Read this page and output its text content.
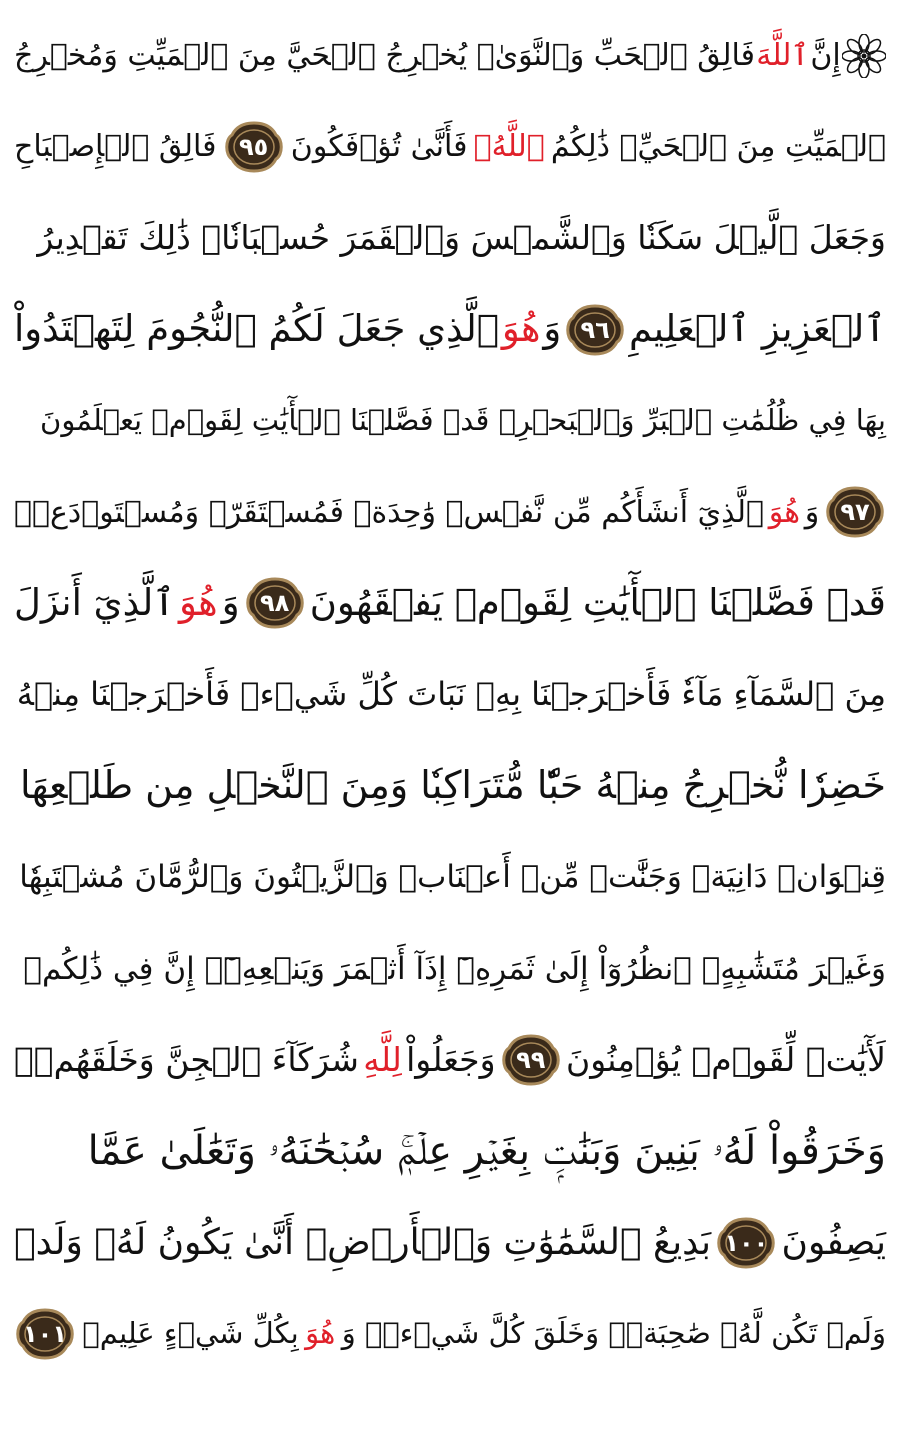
إِنَّ
ٱللَّهَ
فَالِقُ ٱلۡحَبِّ وَٱلنَّوَىٰۖ يُخۡرِجُ ٱلۡحَيَّ مِنَ ٱلۡمَيِّتِ وَمُخۡرِجُ
ٱلۡمَيِّتِ مِنَ ٱلۡحَيِّۚ ذَٰلِكُمُ
ٱللَّهُۖ
فَأَنَّىٰ تُؤۡفَكُونَ
٩٥
فَالِقُ ٱلۡإِصۡبَاحِ
وَجَعَلَ ٱلَّيۡلَ سَكَنٗا وَٱلشَّمۡسَ وَٱلۡقَمَرَ حُسۡبَانٗاۚ ذَٰلِكَ تَقۡدِيرُ
ٱلۡعَزِيزِ ٱلۡعَلِيمِ
٩٦
وَ
هُوَ
ٱلَّذِي جَعَلَ لَكُمُ ٱلنُّجُومَ لِتَهۡتَدُواْ
بِهَا فِي ظُلُمَٰتِ ٱلۡبَرِّ وَٱلۡبَحۡرِۗ قَدۡ فَصَّلۡنَا ٱلۡأٓيَٰتِ لِقَوۡمٖ يَعۡلَمُونَ
٩٧
وَ
هُوَ
ٱلَّذِيٓ أَنشَأَكُم مِّن نَّفۡسٖ وَٰحِدَةٖ فَمُسۡتَقَرّٞ وَمُسۡتَوۡدَعٞۗ
قَدۡ فَصَّلۡنَا ٱلۡأٓيَٰتِ لِقَوۡمٖ يَفۡقَهُونَ
٩٨
وَ
هُوَ
ٱلَّذِيٓ أَنزَلَ
مِنَ ٱلسَّمَآءِ مَآءٗ فَأَخۡرَجۡنَا بِهِۦ نَبَاتَ كُلِّ شَيۡءٖ فَأَخۡرَجۡنَا مِنۡهُ
خَضِرٗا نُّخۡرِجُ مِنۡهُ حَبّٗا مُّتَرَاكِبٗا وَمِنَ ٱلنَّخۡلِ مِن طَلۡعِهَا
قِنۡوَانٞ دَانِيَةٞ وَجَنَّٰتٖ مِّنۡ أَعۡنَابٖ وَٱلزَّيۡتُونَ وَٱلرُّمَّانَ مُشۡتَبِهٗا
وَغَيۡرَ مُتَشَٰبِهٍۗ ٱنظُرُوٓاْ إِلَىٰ ثَمَرِهِۦٓ إِذَآ أَثۡمَرَ وَيَنۡعِهِۦٓۚ إِنَّ فِي ذَٰلِكُمۡ
لَأٓيَٰتٖ لِّقَوۡمٖ يُؤۡمِنُونَ
٩٩
وَجَعَلُواْ
لِلَّهِ
شُرَكَآءَ ٱلۡجِنَّ وَخَلَقَهُمۡۖ
وَخَرَقُواْ لَهُۥ بَنِينَ وَبَنَٰتِۭ بِغَيۡرِ عِلۡمٖۚ سُبۡحَٰنَهُۥ وَتَعَٰلَىٰ عَمَّا
يَصِفُونَ
١٠٠
بَدِيعُ ٱلسَّمَٰوَٰتِ وَٱلۡأَرۡضِۖ أَنَّىٰ يَكُونُ لَهُۥ وَلَدٞ
وَلَمۡ تَكُن لَّهُۥ صَٰحِبَةٞۖ وَخَلَقَ كُلَّ شَيۡءٖۖ وَ
هُوَ
بِكُلِّ شَيۡءٍ عَلِيمٞ
١٠١
